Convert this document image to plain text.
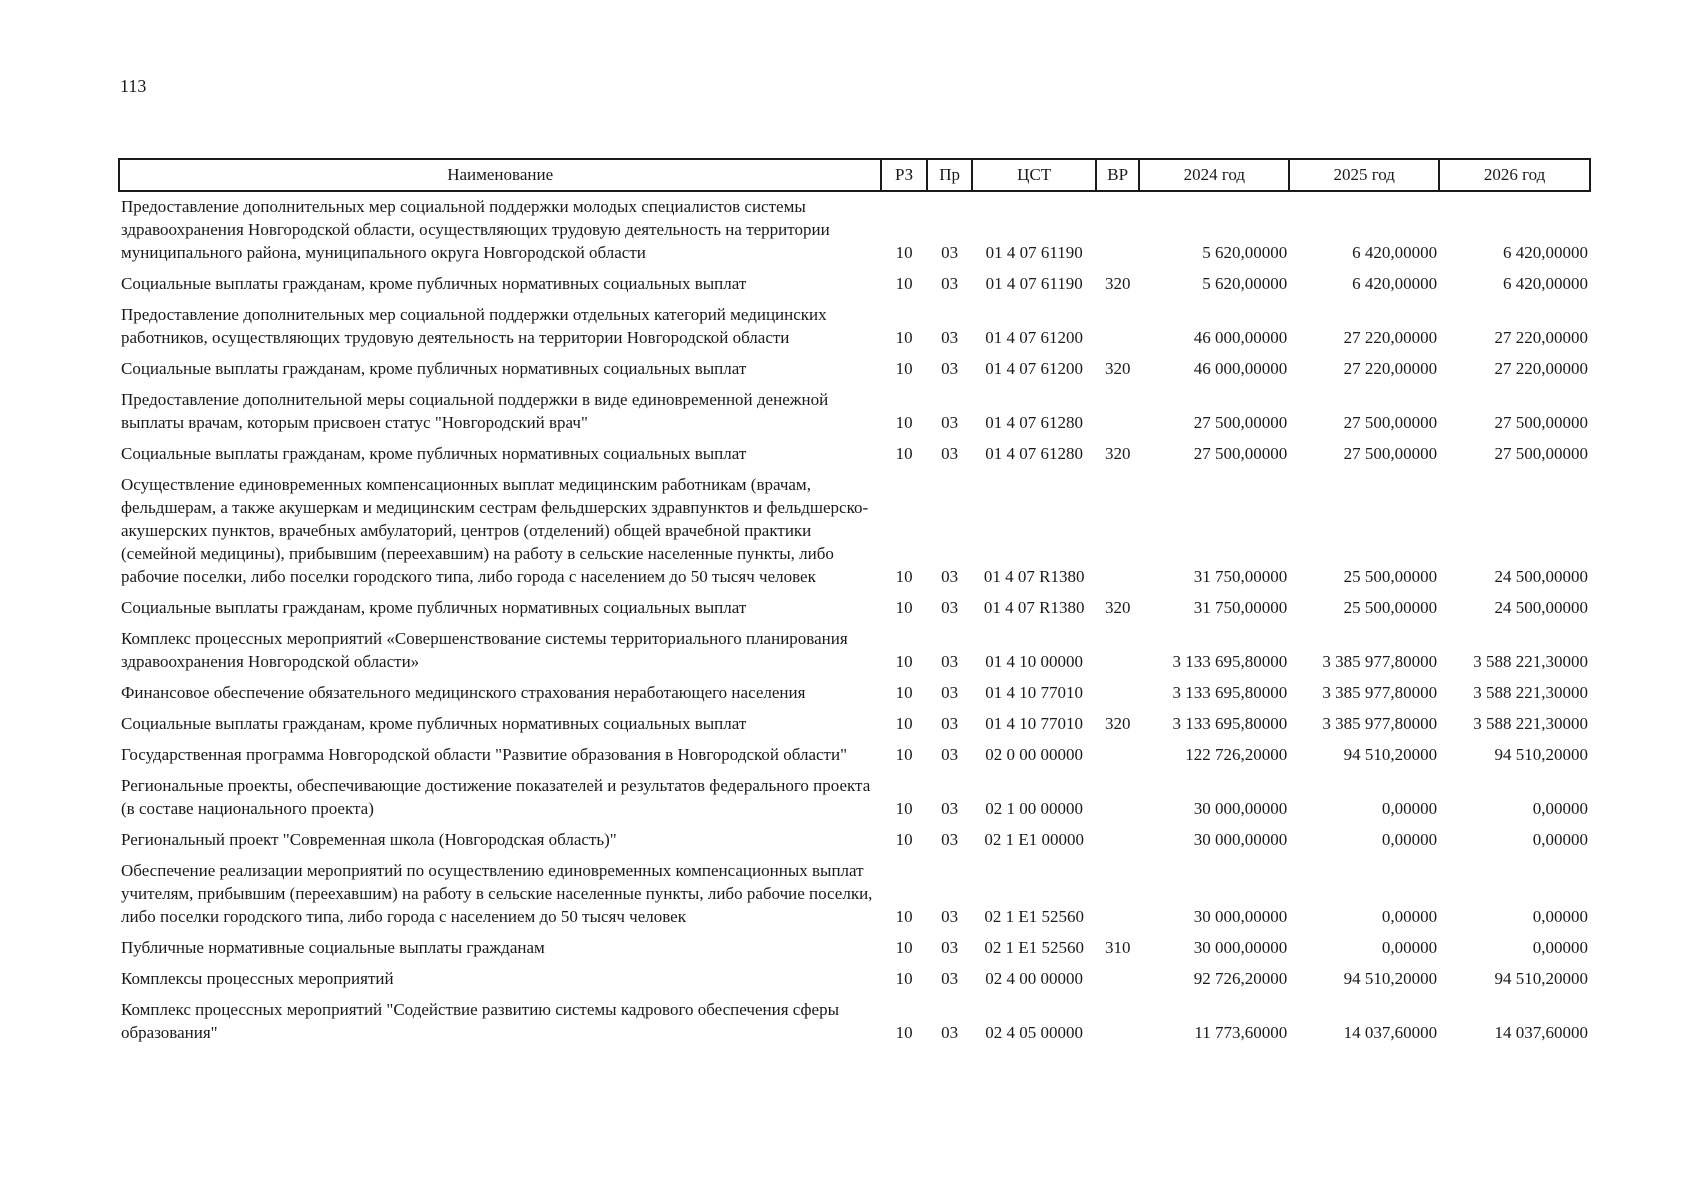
113
Наименование	РЗ	Пр	ЦСТ	ВР	2024 год	2025 год	2026 год
Предоставление дополнительных мер социальной поддержки молодых специалистов системы здравоохранения Новгородской области, осуществляющих трудовую деятельность на территории муниципального района, муниципального округа Новгородской области	10	03	01 4 07 61190		5 620,00000	6 420,00000	6 420,00000
Социальные выплаты гражданам, кроме публичных нормативных социальных выплат	10	03	01 4 07 61190	320	5 620,00000	6 420,00000	6 420,00000
Предоставление дополнительных мер социальной поддержки отдельных категорий медицинских работников, осуществляющих трудовую деятельность на территории Новгородской области	10	03	01 4 07 61200		46 000,00000	27 220,00000	27 220,00000
Социальные выплаты гражданам, кроме публичных нормативных социальных выплат	10	03	01 4 07 61200	320	46 000,00000	27 220,00000	27 220,00000
Предоставление дополнительной меры социальной поддержки в виде единовременной денежной выплаты врачам, которым присвоен статус "Новгородский врач"	10	03	01 4 07 61280		27 500,00000	27 500,00000	27 500,00000
Социальные выплаты гражданам, кроме публичных нормативных социальных выплат	10	03	01 4 07 61280	320	27 500,00000	27 500,00000	27 500,00000
Осуществление единовременных компенсационных выплат медицинским работникам (врачам, фельдшерам, а также акушеркам и медицинским сестрам фельдшерских здравпунктов и фельдшерско-акушерских пунктов, врачебных амбулаторий, центров (отделений) общей врачебной практики (семейной медицины), прибывшим (переехавшим) на работу в сельские населенные пункты, либо рабочие поселки, либо поселки городского типа, либо города с населением до 50 тысяч человек	10	03	01 4 07 R1380		31 750,00000	25 500,00000	24 500,00000
Социальные выплаты гражданам, кроме публичных нормативных социальных выплат	10	03	01 4 07 R1380	320	31 750,00000	25 500,00000	24 500,00000
Комплекс процессных мероприятий «Совершенствование системы территориального планирования здравоохранения Новгородской области»	10	03	01 4 10 00000		3 133 695,80000	3 385 977,80000	3 588 221,30000
Финансовое обеспечение обязательного медицинского страхования неработающего населения	10	03	01 4 10 77010		3 133 695,80000	3 385 977,80000	3 588 221,30000
Социальные выплаты гражданам, кроме публичных нормативных социальных выплат	10	03	01 4 10 77010	320	3 133 695,80000	3 385 977,80000	3 588 221,30000
Государственная программа Новгородской области "Развитие образования в Новгородской области"	10	03	02 0 00 00000		122 726,20000	94 510,20000	94 510,20000
Региональные проекты, обеспечивающие достижение показателей и результатов федерального проекта (в составе национального проекта)	10	03	02 1 00 00000		30 000,00000	0,00000	0,00000
Региональный проект "Современная школа (Новгородская область)"	10	03	02 1 E1 00000		30 000,00000	0,00000	0,00000
Обеспечение реализации мероприятий по осуществлению единовременных компенсационных выплат учителям, прибывшим (переехавшим) на работу в сельские населенные пункты, либо рабочие поселки, либо поселки городского типа, либо города с населением до 50 тысяч человек	10	03	02 1 E1 52560		30 000,00000	0,00000	0,00000
Публичные нормативные социальные выплаты гражданам	10	03	02 1 E1 52560	310	30 000,00000	0,00000	0,00000
Комплексы процессных мероприятий	10	03	02 4 00 00000		92 726,20000	94 510,20000	94 510,20000
Комплекс процессных мероприятий "Содействие развитию системы кадрового обеспечения сферы образования"	10	03	02 4 05 00000		11 773,60000	14 037,60000	14 037,60000
